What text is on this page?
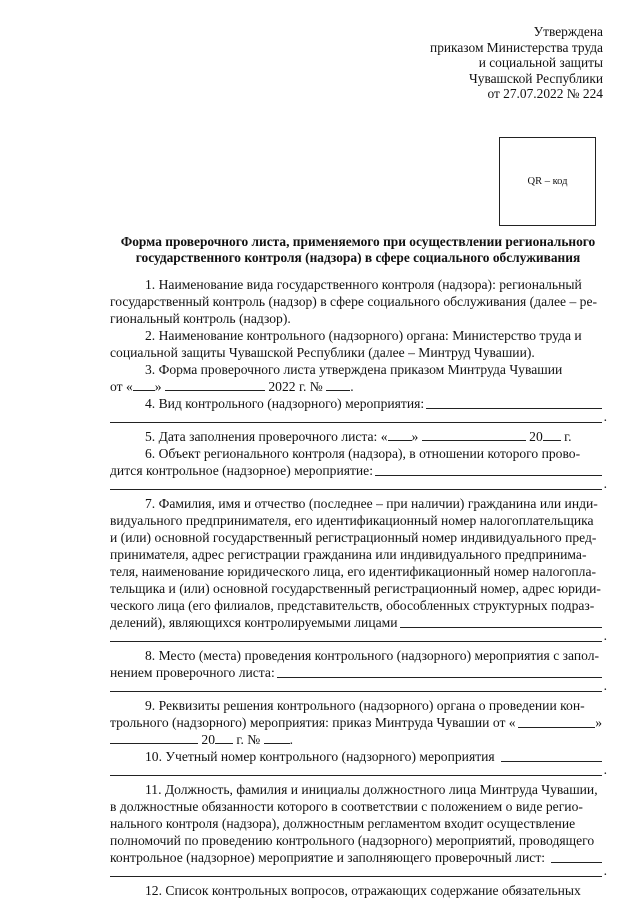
Утверждена
приказом Министерства труда
и социальной защиты
Чувашской Республики
от 27.07.2022 № 224
QR – код
Форма проверочного листа, применяемого при осуществлении регионального
государственного контроля (надзора) в сфере социального обслуживания
1. Наименование вида государственного контроля (надзора): региональный
государственный контроль (надзор) в сфере социального обслуживания (далее – ре-
гиональный контроль (надзор).
2. Наименование контрольного (надзорного) органа: Министерство труда и
социальной защиты Чувашской Республики (далее – Минтруд Чувашии).
3. Форма проверочного листа утверждена приказом Минтруда Чувашии
от « »	2022 г. № .
4. Вид контрольного (надзорного) мероприятия:
.
5. Дата заполнения проверочного листа: « »	20 г.
6. Объект регионального контроля (надзора), в отношении которого прово-
дится контрольное (надзорное) мероприятие:
.
7. Фамилия, имя и отчество (последнее – при наличии) гражданина или инди-
видуального предпринимателя, его идентификационный номер налогоплательщика
и (или) основной государственный регистрационный номер индивидуального пред-
принимателя, адрес регистрации гражданина или индивидуального предпринима-
теля, наименование юридического лица, его идентификационный номер налогопла-
тельщика и (или) основной государственный регистрационный номер, адрес юриди-
ческого лица (его филиалов, представительств, обособленных структурных подраз-
делений), являющихся контролируемыми лицами
.
8. Место (места) проведения контрольного (надзорного) мероприятия с запол-
нением проверочного листа:
.
9. Реквизиты решения контрольного (надзорного) органа о проведении кон-
трольного (надзорного) мероприятия: приказ Минтруда Чувашии от «	»
20 г. № .
10. Учетный номер контрольного (надзорного) мероприятия
.
11. Должность, фамилия и инициалы должностного лица Минтруда Чувашии,
в должностные обязанности которого в соответствии с положением о виде регио-
нального контроля (надзора), должностным регламентом входит осуществление
полномочий по проведению контрольного (надзорного) мероприятий, проводящего
контрольное (надзорное) мероприятие и заполняющего проверочный лист:
.
12. Список контрольных вопросов, отражающих содержание обязательных
